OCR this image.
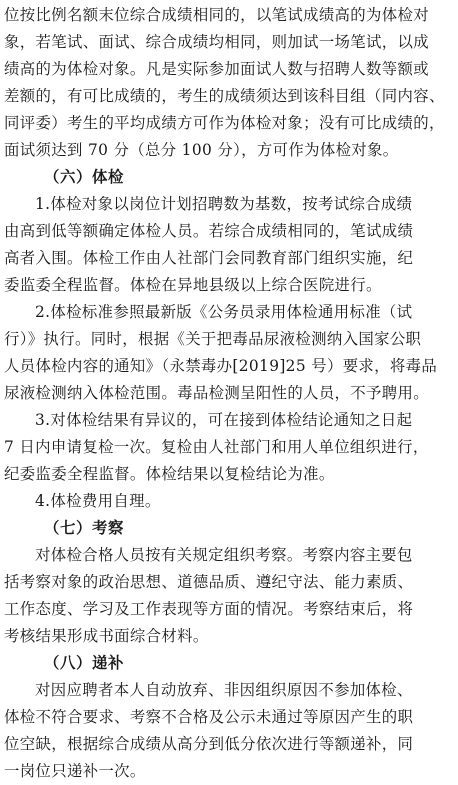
位按比例名额末位综合成绩相同的，以笔试成绩高的为体检对
象，若笔试、面试、综合成绩均相同，则加试一场笔试，以成
绩高的为体检对象。凡是实际参加面试人数与招聘人数等额或
差额的，有可比成绩的，考生的成绩须达到该科目组（同内容、
同评委）考生的平均成绩方可作为体检对象；没有可比成绩的，
面试须达到 70 分（总分 100 分），方可作为体检对象。
（六）体检
1.体检对象以岗位计划招聘数为基数，按考试综合成绩
由高到低等额确定体检人员。若综合成绩相同的，笔试成绩
高者入围。体检工作由人社部门会同教育部门组织实施，纪
委监委全程监督。体检在异地县级以上综合医院进行。
2.体检标准参照最新版《公务员录用体检通用标准（试
行）》执行。同时，根据《关于把毒品尿液检测纳入国家公职
人员体检内容的通知》（永禁毒办[2019]25 号）要求，将毒品
尿液检测纳入体检范围。毒品检测呈阳性的人员，不予聘用。
3.对体检结果有异议的，可在接到体检结论通知之日起
7 日内申请复检一次。复检由人社部门和用人单位组织进行，
纪委监委全程监督。体检结果以复检结论为准。
4.体检费用自理。
（七）考察
对体检合格人员按有关规定组织考察。考察内容主要包
括考察对象的政治思想、道德品质、遵纪守法、能力素质、
工作态度、学习及工作表现等方面的情况。考察结束后，将
考核结果形成书面综合材料。
（八）递补
对因应聘者本人自动放弃、非因组织原因不参加体检、
体检不符合要求、考察不合格及公示未通过等原因产生的职
位空缺，根据综合成绩从高分到低分依次进行等额递补，同
一岗位只递补一次。
